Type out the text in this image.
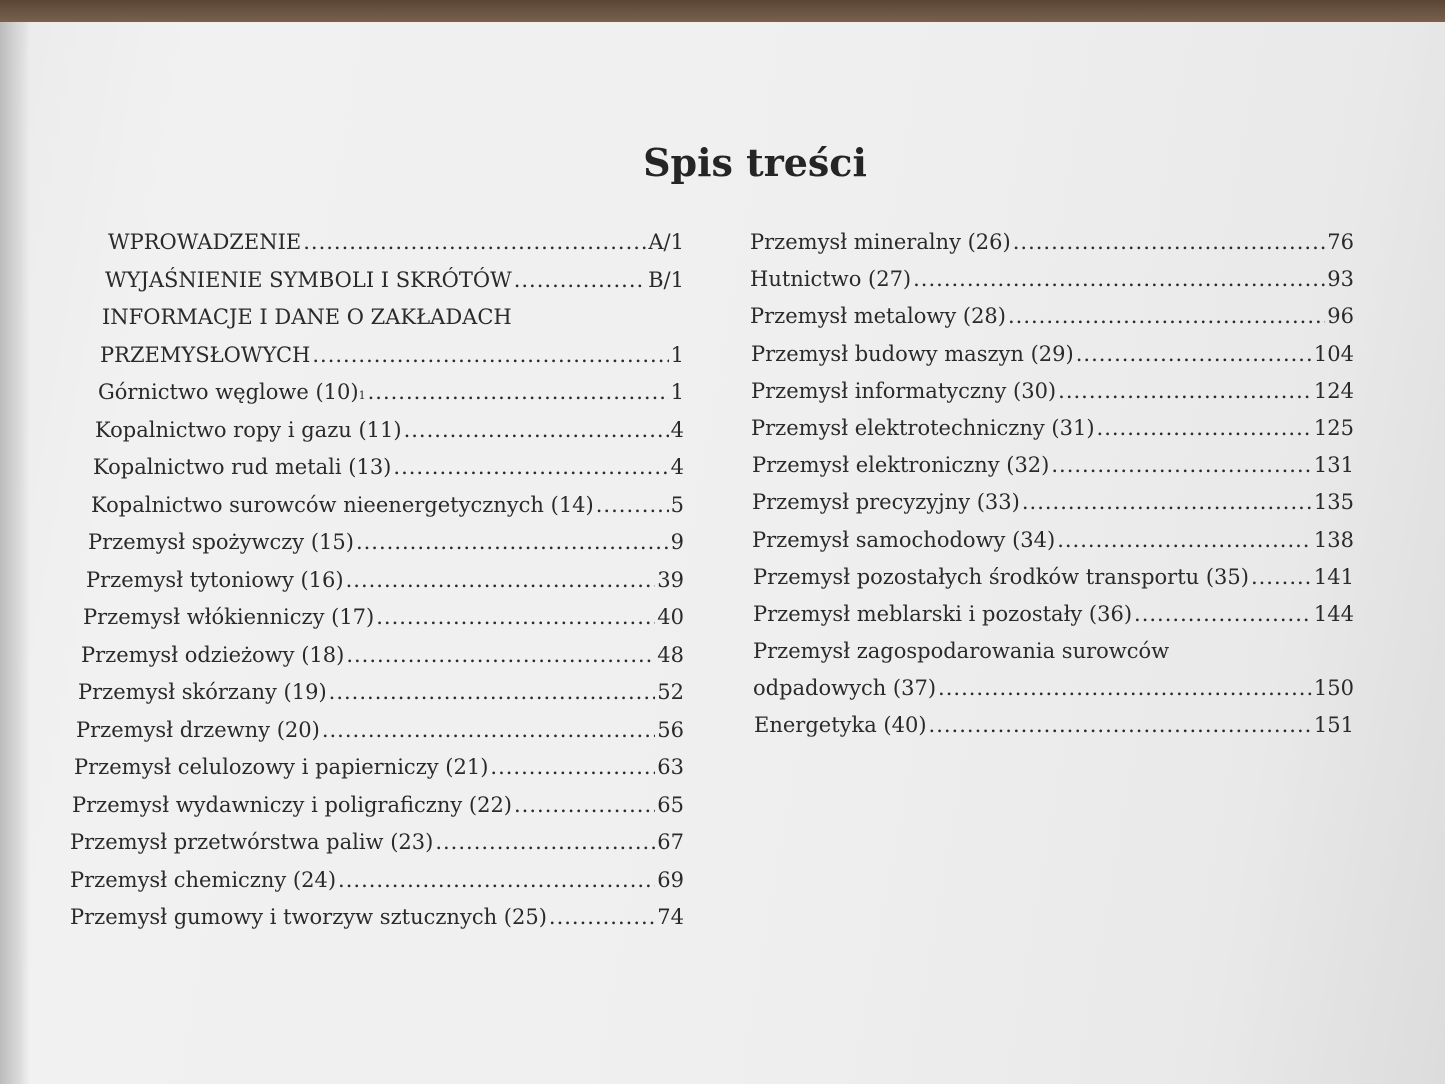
Spis treści
WPROWADZENIE .....	A/1
WYJAŚNIENIE SYMBOLI I SKRÓTÓW .....	B/1
INFORMACJE I DANE O ZAKŁADACH
PRZEMYSŁOWYCH .....	1
Górnictwo węglowe (10) 1 .....	1
Kopalnictwo ropy i gazu (11) .....	4
Kopalnictwo rud metali (13) .....	4
Kopalnictwo surowców nieenergetycznych (14) .....	5
Przemysł spożywczy (15) .....	9
Przemysł tytoniowy (16) .....	39
Przemysł włókienniczy (17) .....	40
Przemysł odzieżowy (18) .....	48
Przemysł skórzany (19) .....	52
Przemysł drzewny (20) .....	56
Przemysł celulozowy i papierniczy (21) .....	63
Przemysł wydawniczy i poligraficzny (22) .....	65
Przemysł przetwórstwa paliw (23) .....	67
Przemysł chemiczny (24) .....	69
Przemysł gumowy i tworzyw sztucznych (25) .....	74
Przemysł mineralny (26) .....	76
Hutnictwo (27) .....	93
Przemysł metalowy (28) .....	96
Przemysł budowy maszyn (29) .....	104
Przemysł informatyczny (30) .....	124
Przemysł elektrotechniczny (31) .....	125
Przemysł elektroniczny (32) .....	131
Przemysł precyzyjny (33) .....	135
Przemysł samochodowy (34) .....	138
Przemysł pozostałych środków transportu (35) .....	141
Przemysł meblarski i pozostały (36) .....	144
Przemysł zagospodarowania surowców
odpadowych (37) .....	150
Energetyka (40) .....	151
